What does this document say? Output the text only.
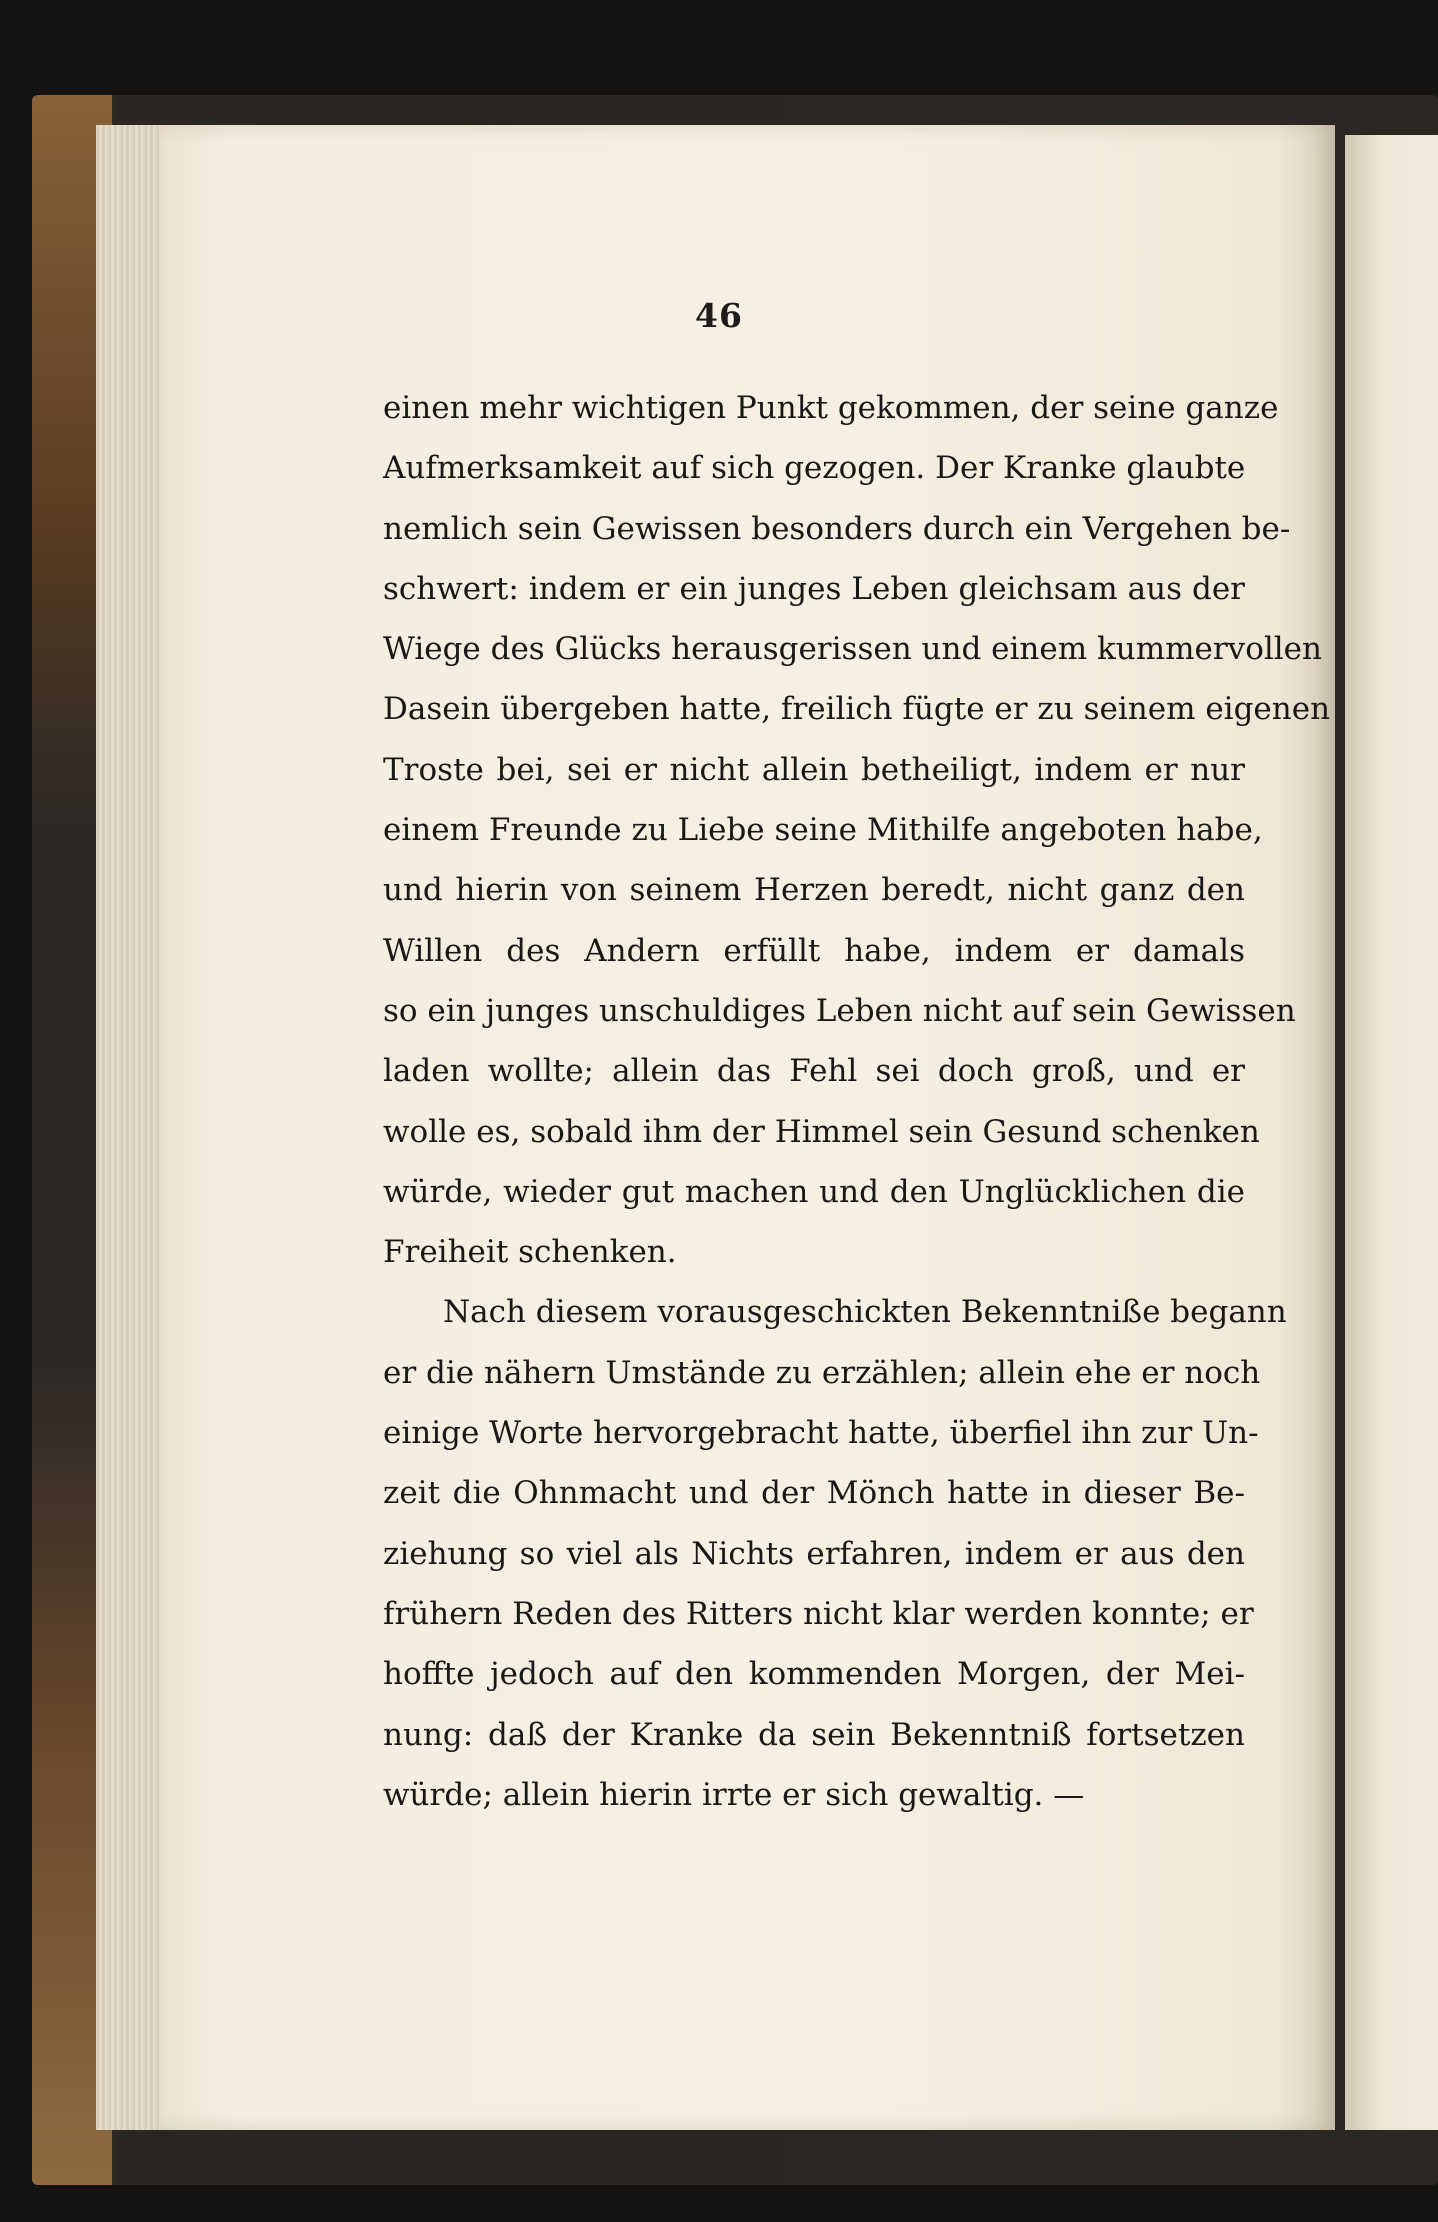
46
einen mehr wichtigen Punkt gekommen, der seine ganze
Aufmerksamkeit auf sich gezogen. Der Kranke glaubte
nemlich sein Gewissen besonders durch ein Vergehen be-
schwert: indem er ein junges Leben gleichsam aus der
Wiege des Glücks herausgerissen und einem kummervollen
Dasein übergeben hatte, freilich fügte er zu seinem eigenen
Troste bei, sei er nicht allein betheiligt, indem er nur
einem Freunde zu Liebe seine Mithilfe angeboten habe,
und hierin von seinem Herzen beredt, nicht ganz den
Willen des Andern erfüllt habe, indem er damals
so ein junges unschuldiges Leben nicht auf sein Gewissen
laden wollte; allein das Fehl sei doch groß, und er
wolle es, sobald ihm der Himmel sein Gesund schenken
würde, wieder gut machen und den Unglücklichen die
Freiheit schenken.
Nach diesem vorausgeschickten Bekenntniße begann
er die nähern Umstände zu erzählen; allein ehe er noch
einige Worte hervorgebracht hatte, überfiel ihn zur Un-
zeit die Ohnmacht und der Mönch hatte in dieser Be-
ziehung so viel als Nichts erfahren, indem er aus den
frühern Reden des Ritters nicht klar werden konnte; er
hoffte jedoch auf den kommenden Morgen, der Mei-
nung: daß der Kranke da sein Bekenntniß fortsetzen
würde; allein hierin irrte er sich gewaltig. —
